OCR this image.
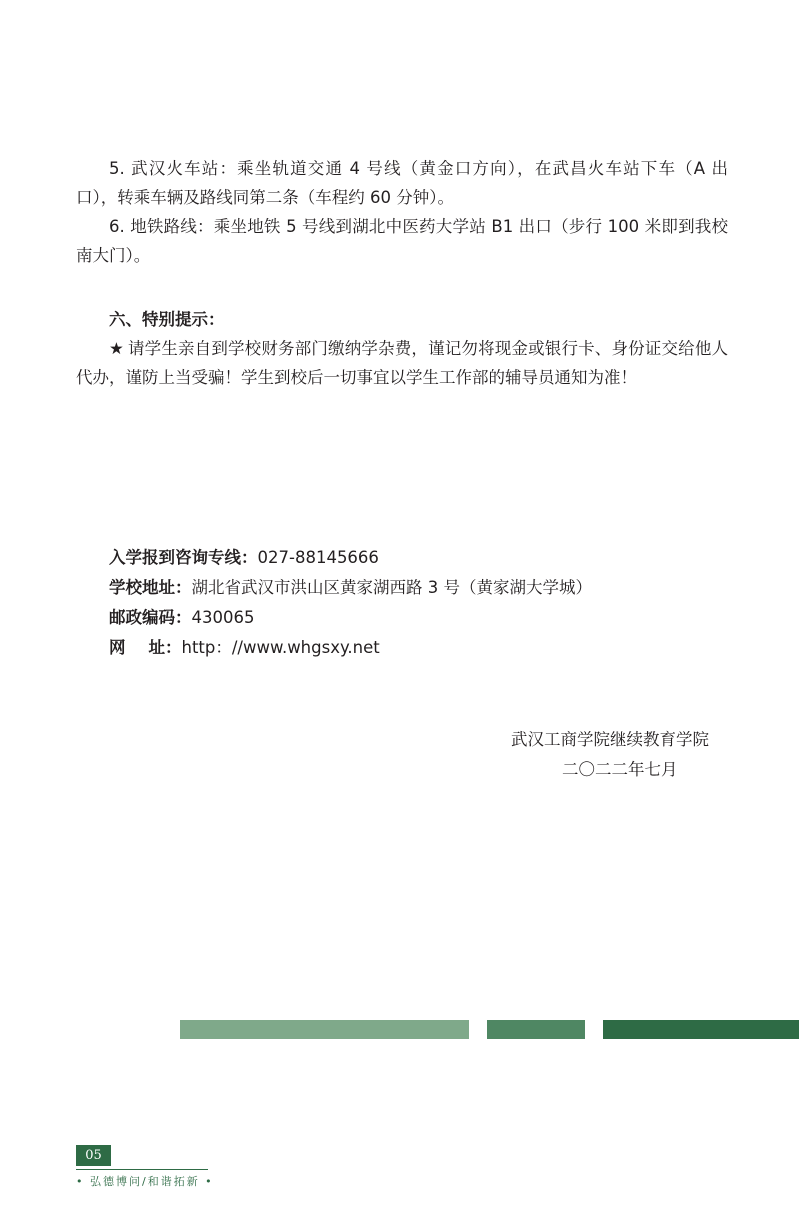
5. 武汉火车站：乘坐轨道交通 4 号线（黄金口方向），在武昌火车站下车（A 出口），转乘车辆及路线同第二条（车程约 60 分钟）。

6. 地铁路线：乘坐地铁 5 号线到湖北中医药大学站 B1 出口（步行 100 米即到我校南大门）。

六、特别提示：

★ 请学生亲自到学校财务部门缴纳学杂费，谨记勿将现金或银行卡、身份证交给他人代办，谨防上当受骗！学生到校后一切事宜以学生工作部的辅导员通知为准！

入学报到咨询专线：027-88145666
学校地址：湖北省武汉市洪山区黄家湖西路 3 号（黄家湖大学城）
邮政编码：430065
网    址：http：//www.whgsxy.net
武汉工商学院继续教育学院
二〇二二年七月
05
• 弘德博问/和谐拓新 •
